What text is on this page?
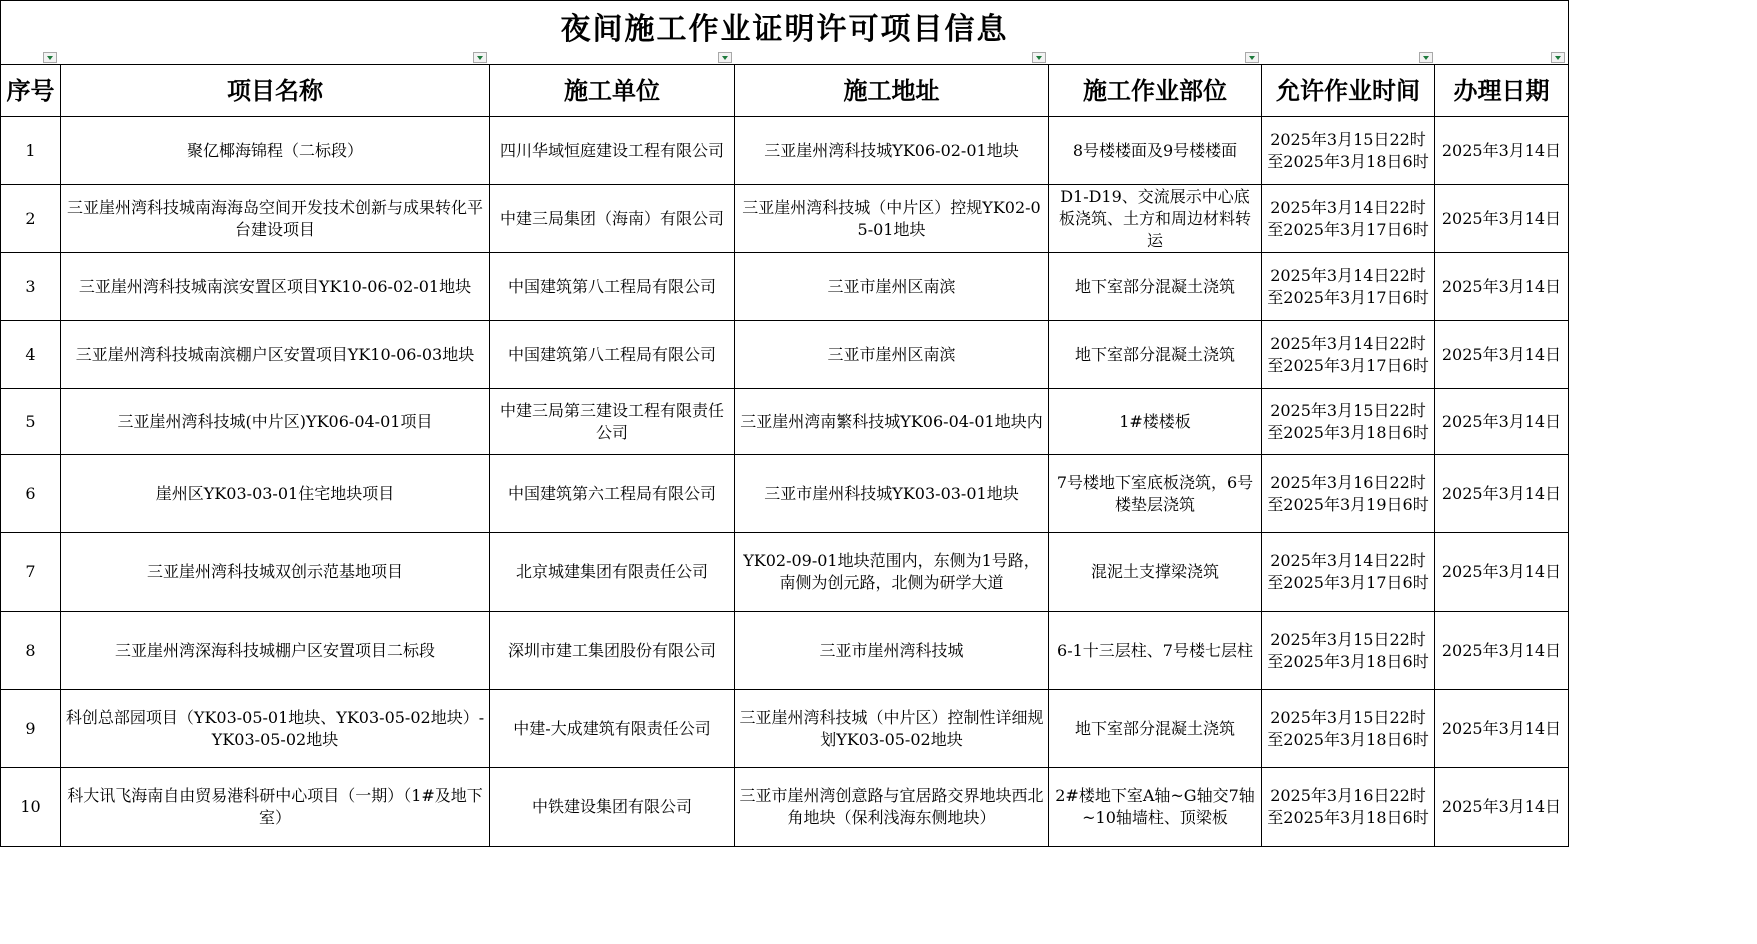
夜间施工作业证明许可项目信息						

序号	项目名称	施工单位	施工地址	施工作业部位	允许作业时间	办理日期
1	聚亿椰海锦程（二标段）	四川华域恒庭建设工程有限公司	三亚崖州湾科技城YK06-02-01地块	8号楼楼面及9号楼楼面	2025年3月15日22时至2025年3月18日6时	2025年3月14日
2	三亚崖州湾科技城南海海岛空间开发技术创新与成果转化平台建设项目	中建三局集团（海南）有限公司	三亚崖州湾科技城（中片区）控规YK02-05-01地块	D1-D19、交流展示中心底板浇筑、土方和周边材料转运	2025年3月14日22时至2025年3月17日6时	2025年3月14日
3	三亚崖州湾科技城南滨安置区项目YK10-06-02-01地块	中国建筑第八工程局有限公司	三亚市崖州区南滨	地下室部分混凝土浇筑	2025年3月14日22时至2025年3月17日6时	2025年3月14日
4	三亚崖州湾科技城南滨棚户区安置项目YK10-06-03地块	中国建筑第八工程局有限公司	三亚市崖州区南滨	地下室部分混凝土浇筑	2025年3月14日22时至2025年3月17日6时	2025年3月14日
5	三亚崖州湾科技城(中片区)YK06-04-01项目	中建三局第三建设工程有限责任公司	三亚崖州湾南繁科技城YK06-04-01地块内	1#楼楼板	2025年3月15日22时至2025年3月18日6时	2025年3月14日
6	崖州区YK03-03-01住宅地块项目	中国建筑第六工程局有限公司	三亚市崖州科技城YK03-03-01地块	7号楼地下室底板浇筑，6号楼垫层浇筑	2025年3月16日22时至2025年3月19日6时	2025年3月14日
7	三亚崖州湾科技城双创示范基地项目	北京城建集团有限责任公司	YK02-09-01地块范围内，东侧为1号路，南侧为创元路，北侧为研学大道	混泥土支撑梁浇筑	2025年3月14日22时至2025年3月17日6时	2025年3月14日
8	三亚崖州湾深海科技城棚户区安置项目二标段	深圳市建工集团股份有限公司	三亚市崖州湾科技城	6-1十三层柱、7号楼七层柱	2025年3月15日22时至2025年3月18日6时	2025年3月14日
9	科创总部园项目（YK03-05-01地块、YK03-05-02地块）-YK03-05-02地块	中建-大成建筑有限责任公司	三亚崖州湾科技城（中片区）控制性详细规划YK03-05-02地块	地下室部分混凝土浇筑	2025年3月15日22时至2025年3月18日6时	2025年3月14日
10	科大讯飞海南自由贸易港科研中心项目（一期）（1#及地下室）	中铁建设集团有限公司	三亚市崖州湾创意路与宜居路交界地块西北角地块（保利浅海东侧地块）	2#楼地下室A轴~G轴交7轴~10轴墙柱、顶梁板	2025年3月16日22时至2025年3月18日6时	2025年3月14日
